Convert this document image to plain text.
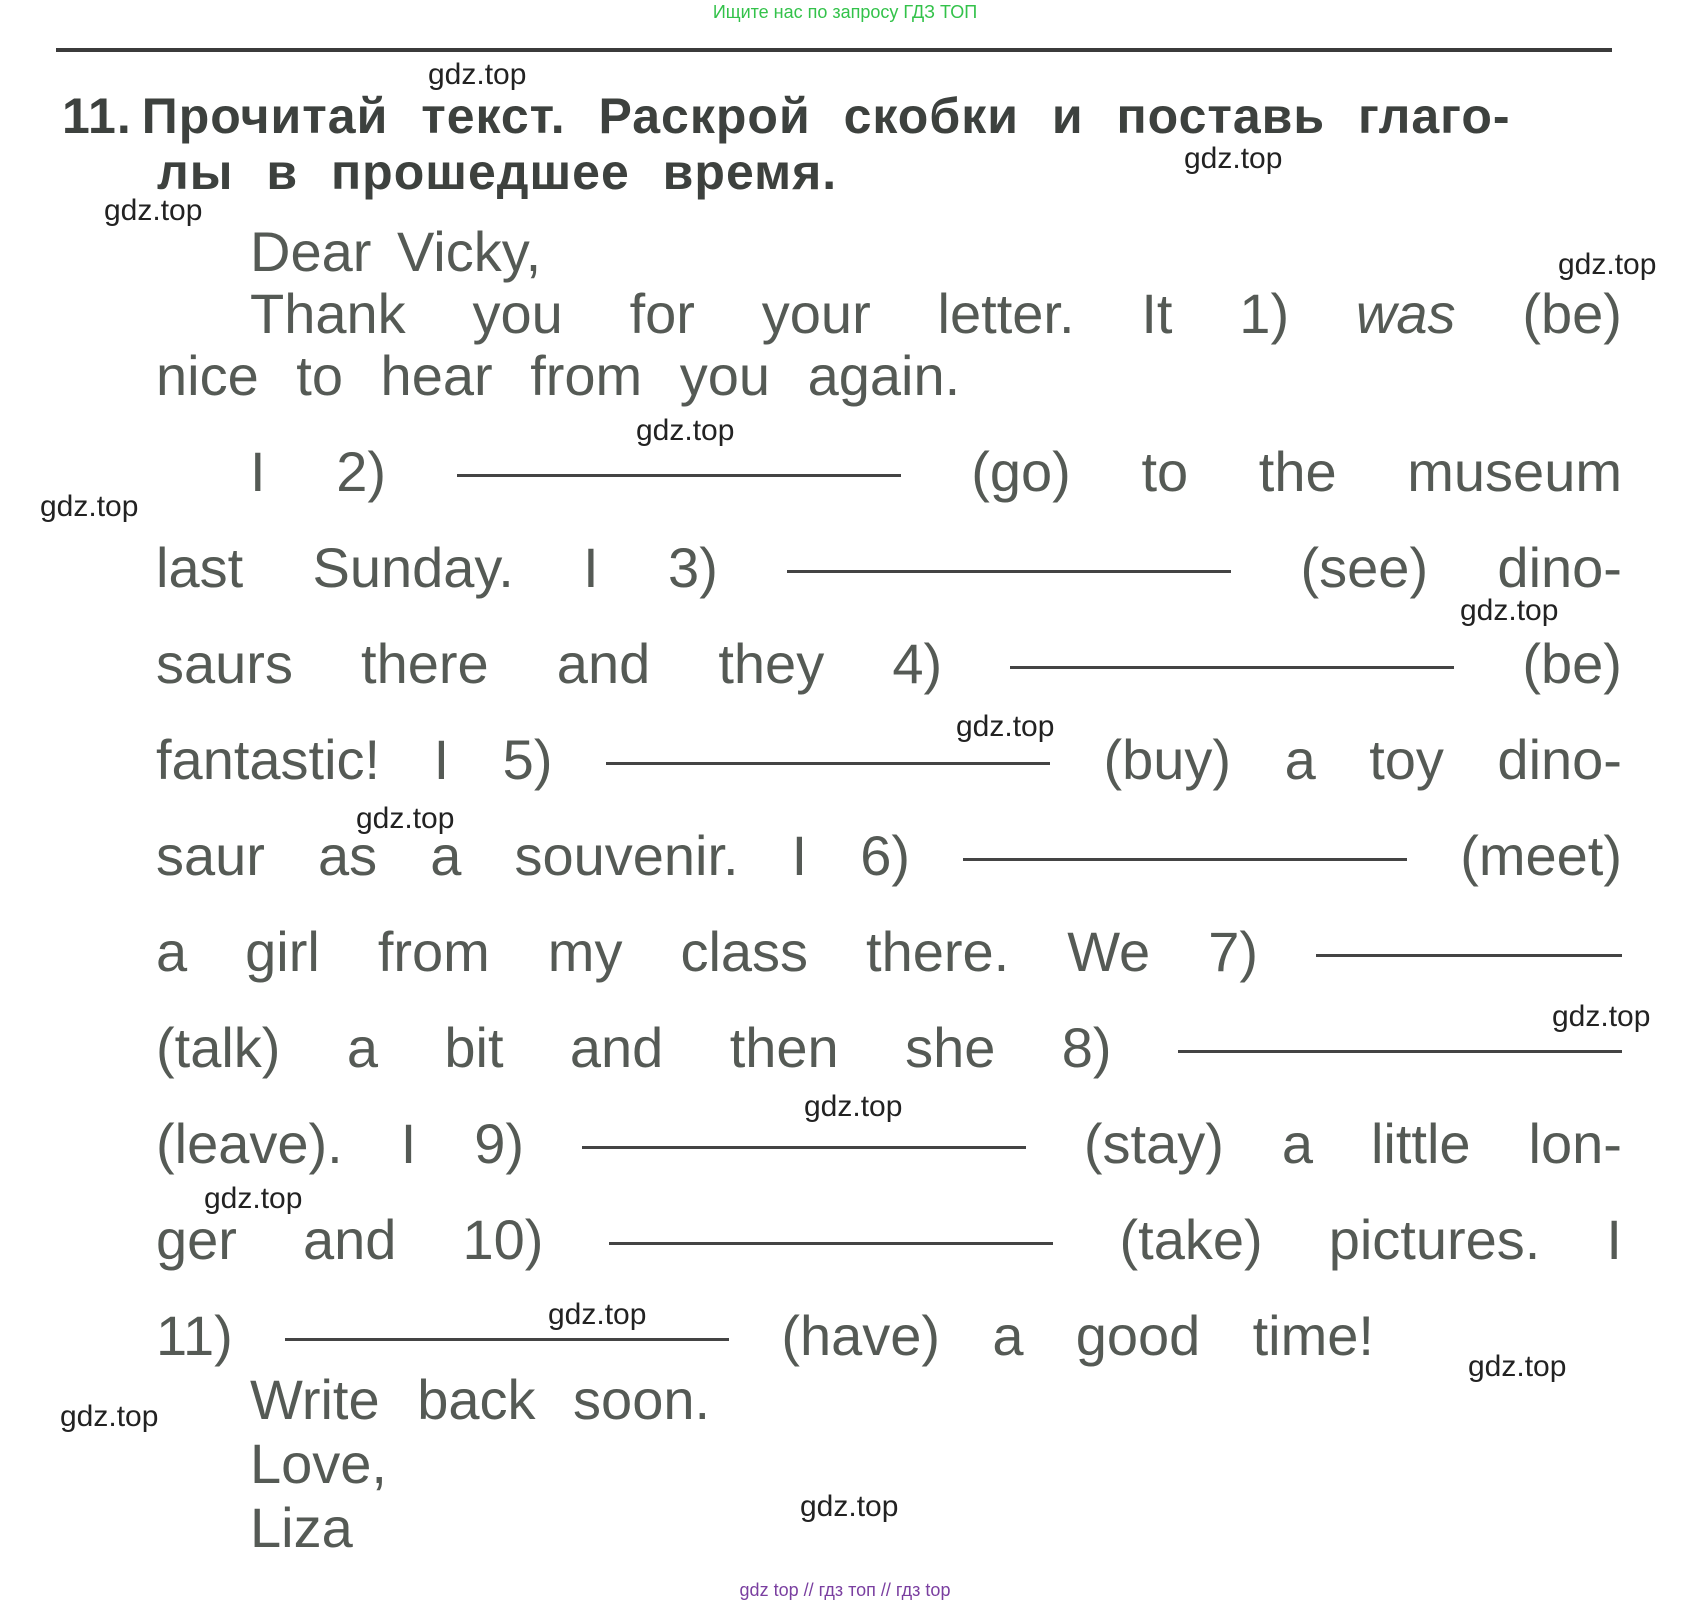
Ищите нас по запросу ГДЗ ТОП
11. Прочитай текст. Раскрой скобки и поставь глаго-
лы в прошедшее время.
Dear Vicky,
Thank you for your letter. It 1) was (be)
nice to hear from you again.
I 2)	(go) to the museum
last Sunday. I 3)	(see) dino-
saurs there and they 4)	(be)
fantastic! I 5)	(buy) a toy dino-
saur as a souvenir. I 6)	(meet)
a girl from my class there. We 7)
(talk) a bit and then she 8)
(leave). I 9)	(stay) a little lon-
ger and 10)	(take) pictures. I
11)	(have) a good time!
Write back soon.
Love,
Liza
gdz.top
gdz.top
gdz.top
gdz.top
gdz.top
gdz.top
gdz.top
gdz.top
gdz.top
gdz.top
gdz.top
gdz.top
gdz.top
gdz.top
gdz.top
gdz.top
gdz top // гдз топ // гдз top
